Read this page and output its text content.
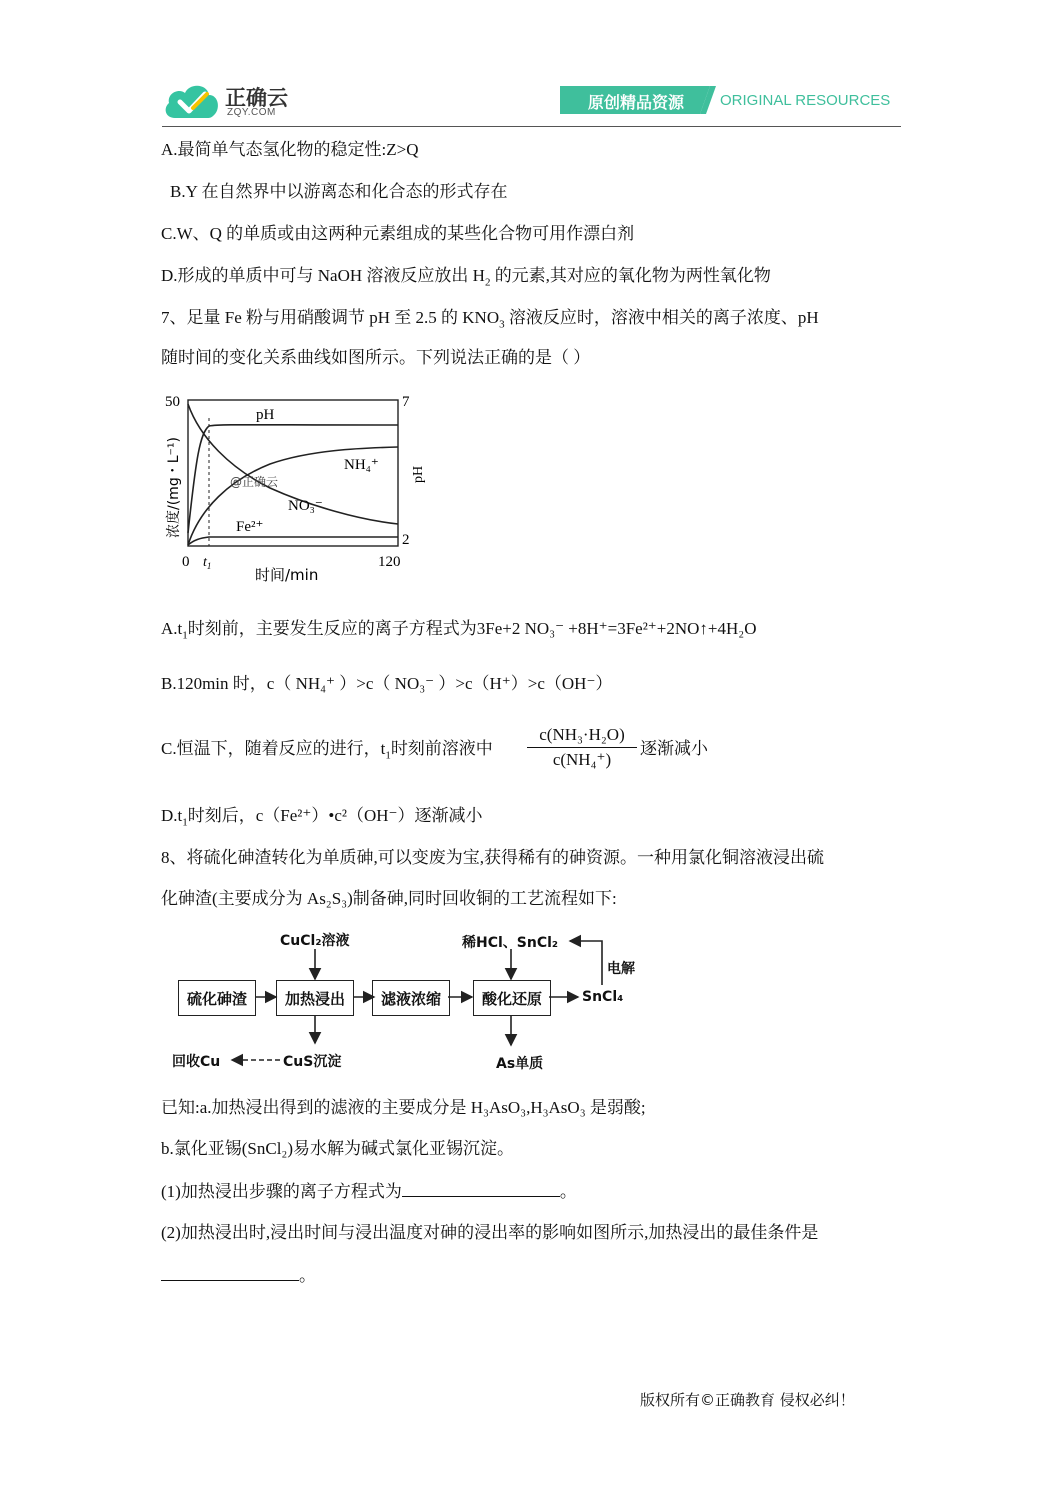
正确云
ZQY.COM
原创精品资源 ORIGINAL RESOURCES
A.最简单气态氢化物的稳定性:Z>Q
B.Y 在自然界中以游离态和化合态的形式存在
C.W、Q 的单质或由这两种元素组成的某些化合物可用作漂白剂
D.形成的单质中可与 NaOH 溶液反应放出 $H_2$ 的元素,其对应的氧化物为两性氧化物
7、足量 Fe 粉与用硝酸调节 pH 至 2.5 的 $KNO_3$ 溶液反应时，溶液中相关的离子浓度、pH
随时间的变化关系曲线如图所示。下列说法正确的是（ ）
50	7
2
0 $t_1$	120
时间/min
浓度/(mg・L⁻¹)	pH
pH
NH₄⁺
NO₃⁻
Fe²⁺
@正确云
$A.t_1$时刻前，主要发生反应的离子方程式为3Fe+2 NO₃⁻ +8H⁺=3Fe²⁺+2NO↑+4H₂O
B.120min 时，c（ NH₄⁺ ）>c（ NO₃⁻ ）>c（H⁺）>c（OH⁻）
C.恒温下，随着反应的进行，$t_1$时刻前溶液中 $\frac{\text{c(NH₃·H₂O)}}{\text{c(NH₄⁺)}}$ 逐渐减小
$D.t_1$时刻后，c（Fe²⁺）•c²（OH⁻）逐渐减小
8、将硫化砷渣转化为单质砷,可以变废为宝,获得稀有的砷资源。一种用氯化铜溶液浸出硫
化砷渣(主要成分为 As₂S₃)制备砷,同时回收铜的工艺流程如下:
硫化砷渣	加热浸出	滤液浓缩	酸化还原
CuCl₂溶液	稀HCl、SnCl₂
SnCl₄
电解
CuS沉淀
回收Cu	As单质
已知:a.加热浸出得到的滤液的主要成分是 H₃AsO₃,H₃AsO₃ 是弱酸;
b.氯化亚锡(SnCl₂)易水解为碱式氯化亚锡沉淀。
(1)加热浸出步骤的离子方程式为	。
(2)加热浸出时,浸出时间与浸出温度对砷的浸出率的影响如图所示,加热浸出的最佳条件是
。
版权所有©正确教育 侵权必纠！
